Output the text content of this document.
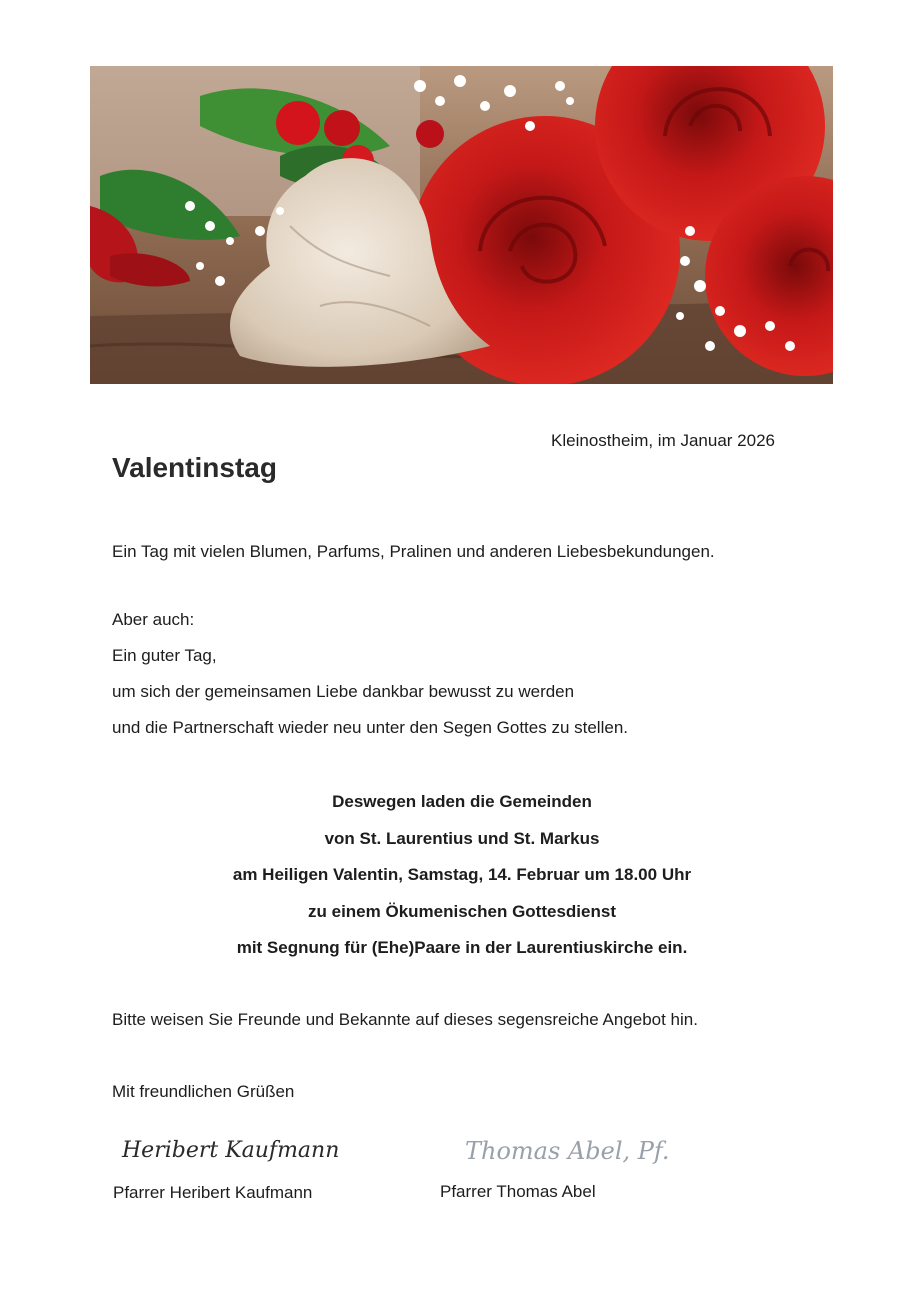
Kleinostheim, im Januar 2026
Valentinstag

Ein Tag mit vielen Blumen, Parfums, Pralinen und anderen Liebesbekundungen.

Aber auch:

Ein guter Tag,

um sich der gemeinsamen Liebe dankbar bewusst zu werden

und die Partnerschaft wieder neu unter den Segen Gottes zu stellen.

Deswegen laden die Gemeinden
von St. Laurentius und St. Markus
am Heiligen Valentin, Samstag, 14. Februar um 18.00 Uhr
zu einem Ökumenischen Gottesdienst
mit Segnung für (Ehe)Paare in der Laurentiuskirche ein.

Bitte weisen Sie Freunde und Bekannte auf dieses segensreiche Angebot hin.

Mit freundlichen Grüßen

Heribert Kaufmann
Pfarrer Heribert Kaufmann
Thomas Abel, Pf.
Pfarrer Thomas Abel
